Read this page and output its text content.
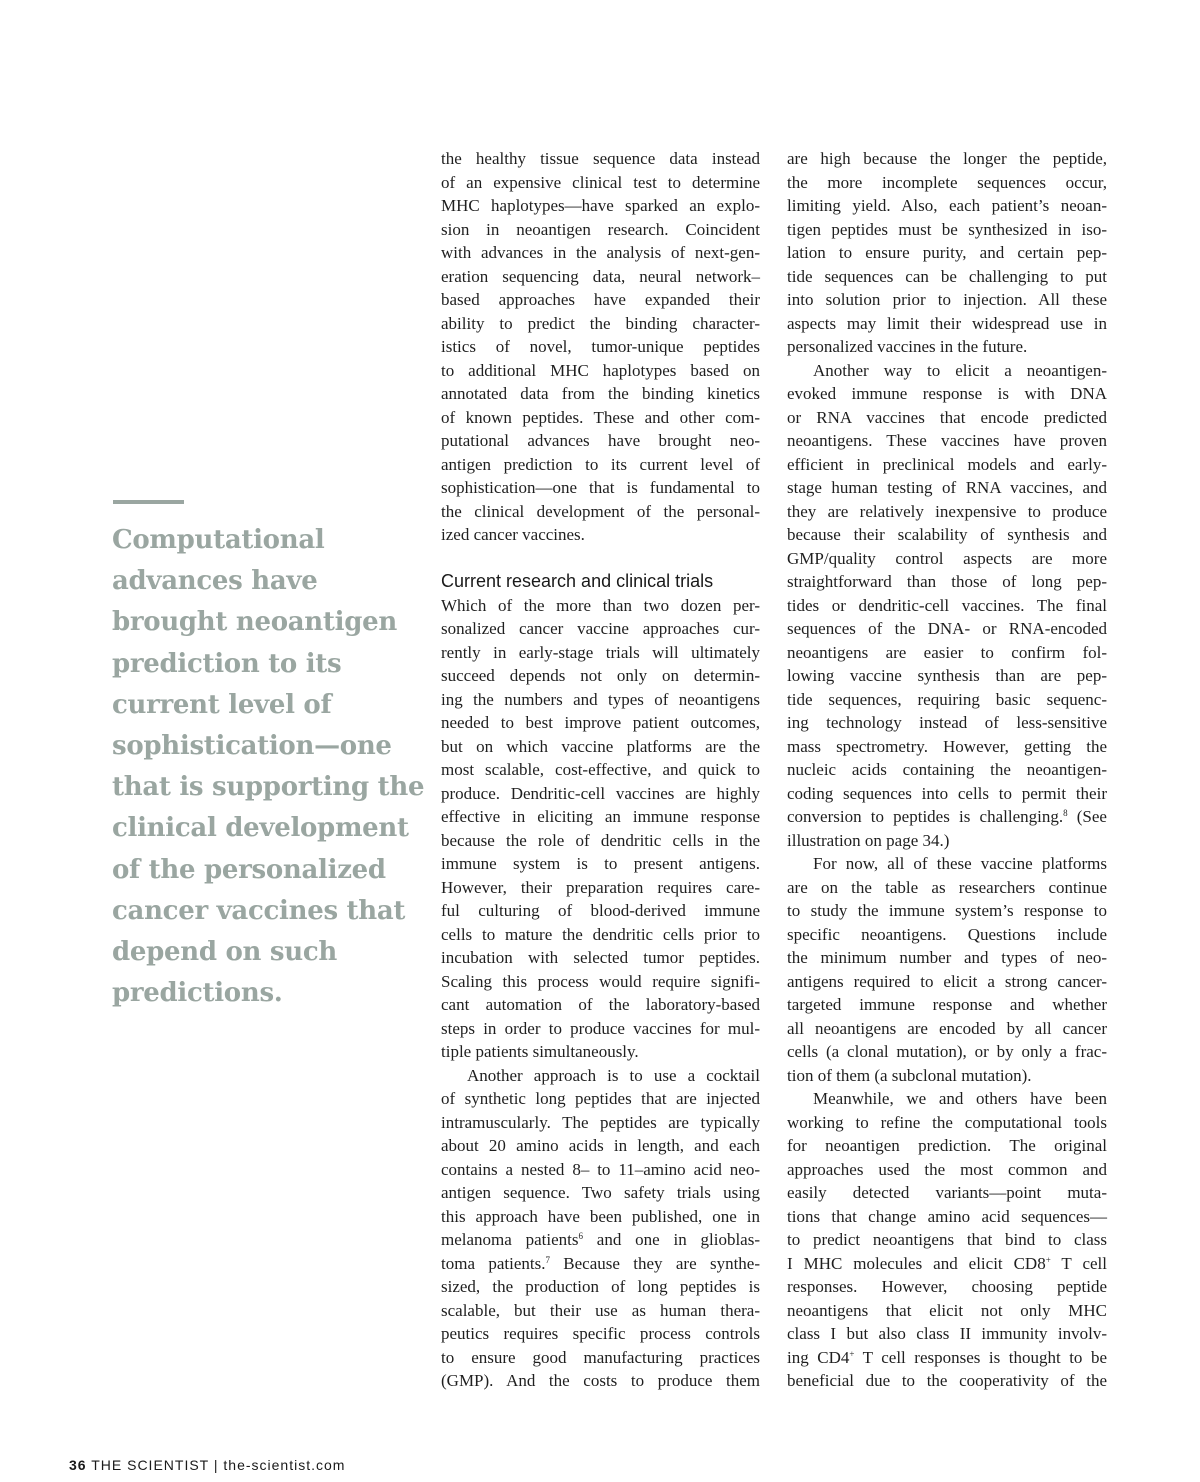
Computational
advances have
brought neoantigen
prediction to its
current level of
sophistication—one
that is supporting the
clinical development
of the personalized
cancer vaccines that
depend on such
predictions.
the healthy tissue sequence data instead
of an expensive clinical test to determine
MHC haplotypes—have sparked an explo-
sion in neoantigen research. Coincident
with advances in the analysis of next-gen-
eration sequencing data, neural network–
based approaches have expanded their
ability to predict the binding character-
istics of novel, tumor-unique peptides
to additional MHC haplotypes based on
annotated data from the binding kinetics
of known peptides. These and other com-
putational advances have brought neo-
antigen prediction to its current level of
sophistication—one that is fundamental to
the clinical development of the personal-
ized cancer vaccines.
Current research and clinical trials
Which of the more than two dozen per-
sonalized cancer vaccine approaches cur-
rently in early-stage trials will ultimately
succeed depends not only on determin-
ing the numbers and types of neoantigens
needed to best improve patient outcomes,
but on which vaccine platforms are the
most scalable, cost-effective, and quick to
produce. Dendritic-cell vaccines are highly
effective in eliciting an immune response
because the role of dendritic cells in the
immune system is to present antigens.
However, their preparation requires care-
ful culturing of blood-derived immune
cells to mature the dendritic cells prior to
incubation with selected tumor peptides.
Scaling this process would require signifi-
cant automation of the laboratory-based
steps in order to produce vaccines for mul-
tiple patients simultaneously.
Another approach is to use a cocktail
of synthetic long peptides that are injected
intramuscularly. The peptides are typically
about 20 amino acids in length, and each
contains a nested 8– to 11–amino acid neo-
antigen sequence. Two safety trials using
this approach have been published, one in
melanoma patients$^6$ and one in glioblas-
toma patients.$^7$ Because they are synthe-
sized, the production of long peptides is
scalable, but their use as human thera-
peutics requires specific process controls
to ensure good manufacturing practices
(GMP). And the costs to produce them
are high because the longer the peptide,
the more incomplete sequences occur,
limiting yield. Also, each patient’s neoan-
tigen peptides must be synthesized in iso-
lation to ensure purity, and certain pep-
tide sequences can be challenging to put
into solution prior to injection. All these
aspects may limit their widespread use in
personalized vaccines in the future.
Another way to elicit a neoantigen-
evoked immune response is with DNA
or RNA vaccines that encode predicted
neoantigens. These vaccines have proven
efficient in preclinical models and early-
stage human testing of RNA vaccines, and
they are relatively inexpensive to produce
because their scalability of synthesis and
GMP/quality control aspects are more
straightforward than those of long pep-
tides or dendritic-cell vaccines. The final
sequences of the DNA- or RNA-encoded
neoantigens are easier to confirm fol-
lowing vaccine synthesis than are pep-
tide sequences, requiring basic sequenc-
ing technology instead of less-sensitive
mass spectrometry. However, getting the
nucleic acids containing the neoantigen-
coding sequences into cells to permit their
conversion to peptides is challenging.$^8$ (See
illustration on page 34.)
For now, all of these vaccine platforms
are on the table as researchers continue
to study the immune system’s response to
specific neoantigens. Questions include
the minimum number and types of neo-
antigens required to elicit a strong cancer-
targeted immune response and whether
all neoantigens are encoded by all cancer
cells (a clonal mutation), or by only a frac-
tion of them (a subclonal mutation).
Meanwhile, we and others have been
working to refine the computational tools
for neoantigen prediction. The original
approaches used the most common and
easily detected variants—point muta-
tions that change amino acid sequences—
to predict neoantigens that bind to class
I MHC molecules and elicit CD8+ T cell
responses. However, choosing peptide
neoantigens that elicit not only MHC
class I but also class II immunity involv-
ing CD4+ T cell responses is thought to be
beneficial due to the cooperativity of the
36 THE SCIENTIST | the-scientist.com
